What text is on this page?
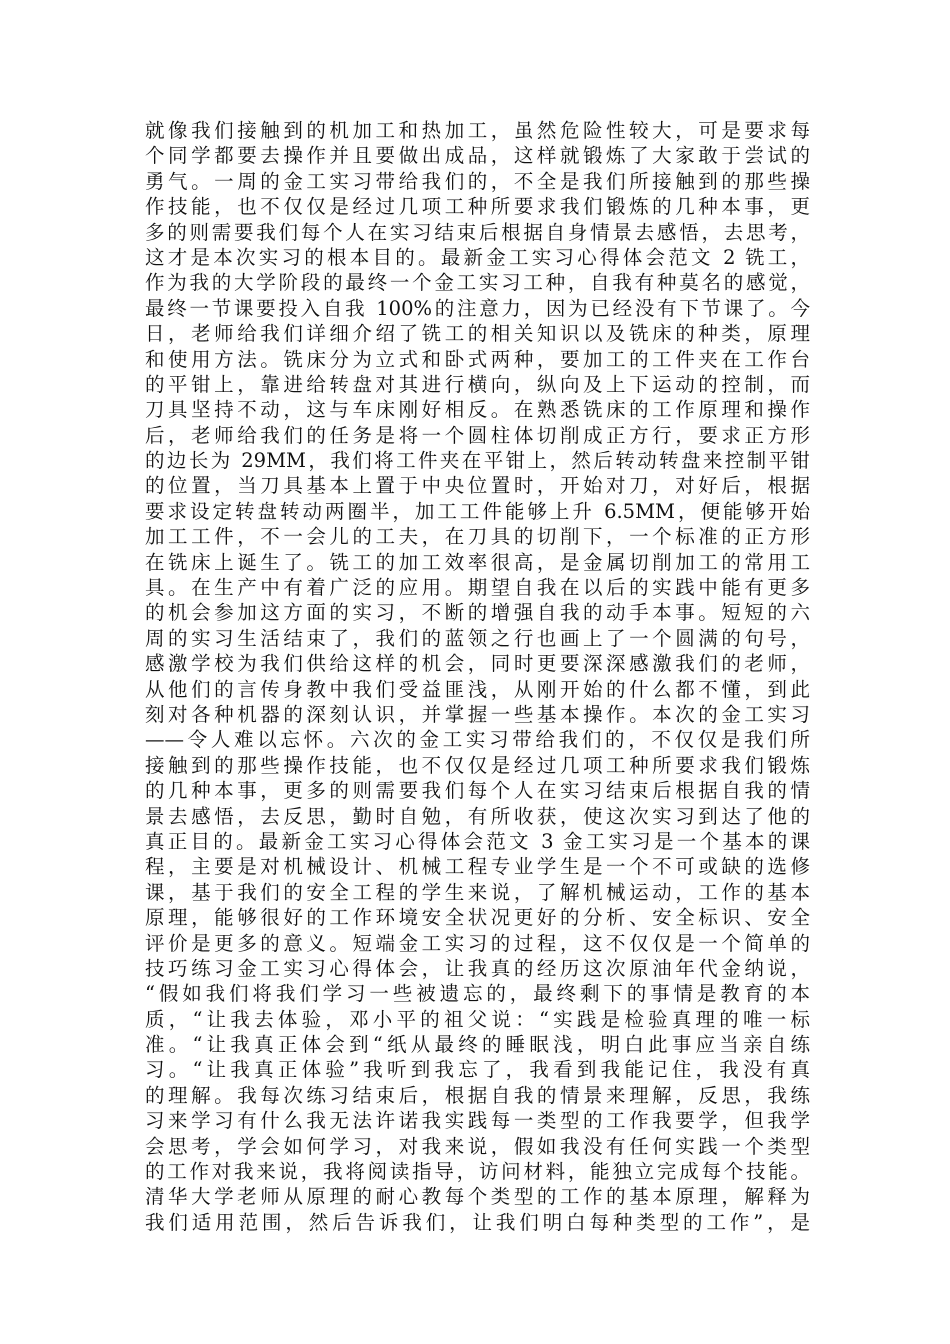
就像我们接触到的机加工和热加工，虽然危险性较大，可是要求每
个同学都要去操作并且要做出成品，这样就锻炼了大家敢于尝试的
勇气。一周的金工实习带给我们的，不全是我们所接触到的那些操
作技能，也不仅仅是经过几项工种所要求我们锻炼的几种本事，更
多的则需要我们每个人在实习结束后根据自身情景去感悟，去思考，
这才是本次实习的根本目的。最新金工实习心得体会范文 2 铣工，
作为我的大学阶段的最终一个金工实习工种，自我有种莫名的感觉，
最终一节课要投入自我 100%的注意力，因为已经没有下节课了。今
日，老师给我们详细介绍了铣工的相关知识以及铣床的种类，原理
和使用方法。铣床分为立式和卧式两种，要加工的工件夹在工作台
的平钳上，靠进给转盘对其进行横向，纵向及上下运动的控制，而
刀具坚持不动，这与车床刚好相反。在熟悉铣床的工作原理和操作
后，老师给我们的任务是将一个圆柱体切削成正方行，要求正方形
的边长为 29MM，我们将工件夹在平钳上，然后转动转盘来控制平钳
的位置，当刀具基本上置于中央位置时，开始对刀，对好后，根据
要求设定转盘转动两圈半，加工工件能够上升 6.5MM，便能够开始
加工工件，不一会儿的工夫，在刀具的切削下，一个标准的正方形
在铣床上诞生了。铣工的加工效率很高，是金属切削加工的常用工
具。在生产中有着广泛的应用。期望自我在以后的实践中能有更多
的机会参加这方面的实习，不断的增强自我的动手本事。短短的六
周的实习生活结束了，我们的蓝领之行也画上了一个圆满的句号，
感激学校为我们供给这样的机会，同时更要深深感激我们的老师，
从他们的言传身教中我们受益匪浅，从刚开始的什么都不懂，到此
刻对各种机器的深刻认识，并掌握一些基本操作。本次的金工实习
——令人难以忘怀。六次的金工实习带给我们的，不仅仅是我们所
接触到的那些操作技能，也不仅仅是经过几项工种所要求我们锻炼
的几种本事，更多的则需要我们每个人在实习结束后根据自我的情
景去感悟，去反思，勤时自勉，有所收获，使这次实习到达了他的
真正目的。最新金工实习心得体会范文 3 金工实习是一个基本的课
程，主要是对机械设计、机械工程专业学生是一个不可或缺的选修
课，基于我们的安全工程的学生来说，了解机械运动，工作的基本
原理，能够很好的工作环境安全状况更好的分析、安全标识、安全
评价是更多的意义。短端金工实习的过程，这不仅仅是一个简单的
技巧练习金工实习心得体会，让我真的经历这次原油年代金纳说，
“假如我们将我们学习一些被遗忘的，最终剩下的事情是教育的本
质，“让我去体验，邓小平的祖父说：“实践是检验真理的唯一标
准。“让我真正体会到“纸从最终的睡眠浅，明白此事应当亲自练
习。“让我真正体验”我听到我忘了，我看到我能记住，我没有真
的理解。我每次练习结束后，根据自我的情景来理解，反思，我练
习来学习有什么我无法许诺我实践每一类型的工作我要学，但我学
会思考，学会如何学习，对我来说，假如我没有任何实践一个类型
的工作对我来说，我将阅读指导，访问材料，能独立完成每个技能。
清华大学老师从原理的耐心教每个类型的工作的基本原理，解释为
我们适用范围，然后告诉我们，让我们明白每种类型的工作”，是
